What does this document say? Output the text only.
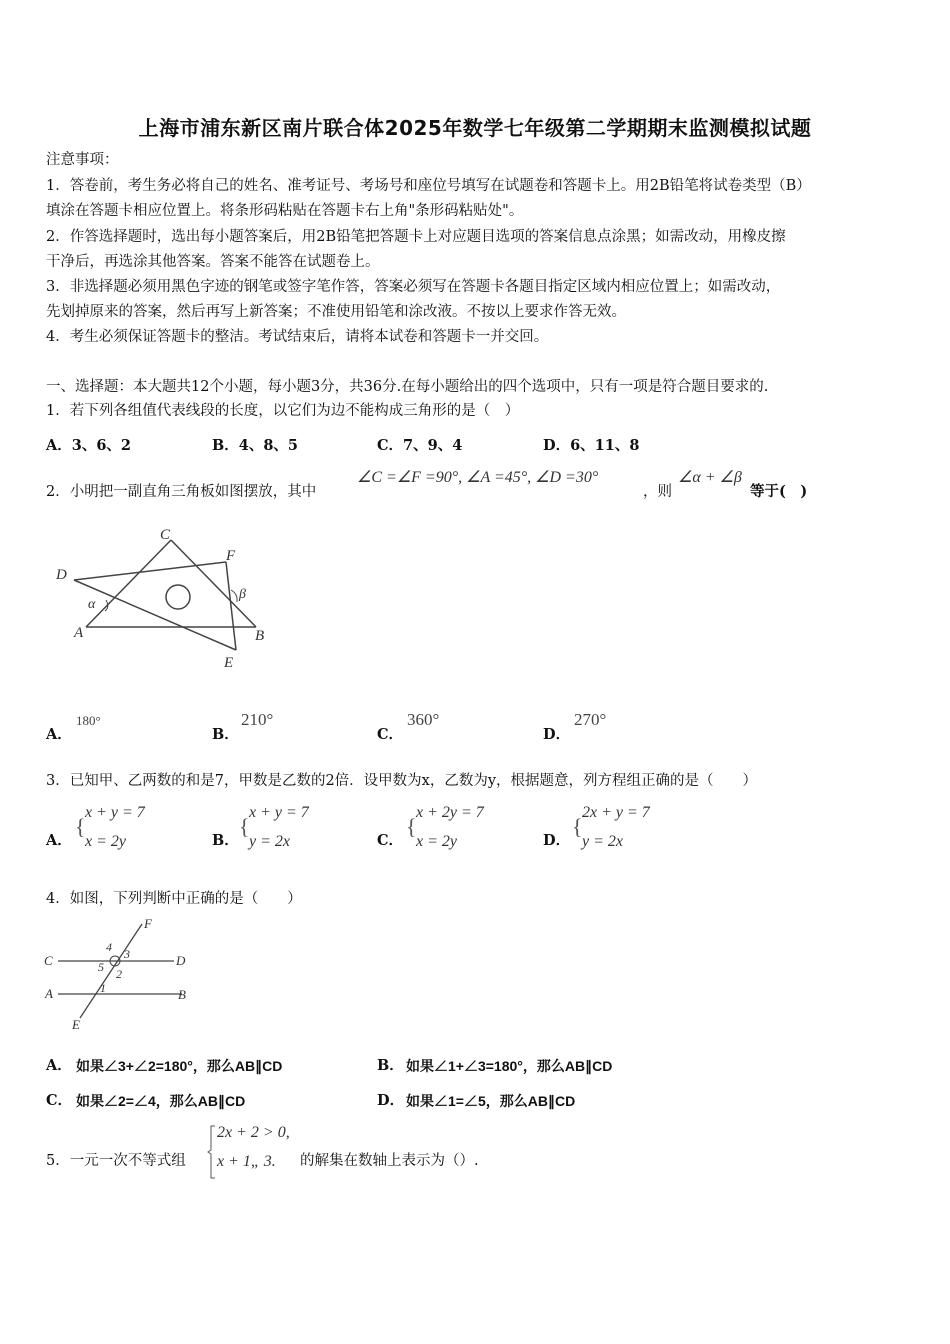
上海市浦东新区南片联合体2025年数学七年级第二学期期末监测模拟试题
注意事项：
1．答卷前，考生务必将自己的姓名、准考证号、考场号和座位号填写在试题卷和答题卡上。用2B铅笔将试卷类型（B）
填涂在答题卡相应位置上。将条形码粘贴在答题卡右上角"条形码粘贴处"。
2．作答选择题时，选出每小题答案后，用2B铅笔把答题卡上对应题目选项的答案信息点涂黑；如需改动，用橡皮擦
干净后，再选涂其他答案。答案不能答在试题卷上。
3．非选择题必须用黑色字迹的钢笔或签字笔作答，答案必须写在答题卡各题目指定区域内相应位置上；如需改动，
先划掉原来的答案，然后再写上新答案；不准使用铅笔和涂改液。不按以上要求作答无效。
4．考生必须保证答题卡的整洁。考试结束后，请将本试卷和答题卡一并交回。
一、选择题：本大题共12个小题，每小题3分，共36分.在每小题给出的四个选项中，只有一项是符合题目要求的.
1．若下列各组值代表线段的长度，以它们为边不能构成三角形的是（　）
A．3、6、2	B．4、8、5	C．7、9、4	D．6、11、8
2．小明把一副直角三角板如图摆放，其中
∠C =∠F =90°, ∠A =45°, ∠D =30°
，则
∠α + ∠β
等于(　)
C
F
D
α
β
A	B
E
A．
180°
B．
210°
C．
360°
D．
270°
3．已知甲、乙两数的和是7，甲数是乙数的2倍．设甲数为x，乙数为y，根据题意，列方程组正确的是（　　）
A．
{
x + y = 7
x = 2y	B．
{
x + y = 7
y = 2x	C．
{
x + 2y = 7
x = 2y	D．
{
2x + y = 7
y = 2x
4．如图，下列判断中正确的是（　　）
F
4 3
C	D
5 2
A	1	B
E
A． 如果∠3+∠2=180°，那么AB∥CD	B． 如果∠1+∠3=180°，那么AB∥CD
C． 如果∠2=∠4，那么AB∥CD	D． 如果∠1=∠5，那么AB∥CD
5．一元一次不等式组
2x + 2 > 0,
x + 1„ 3. 的解集在数轴上表示为（）.
